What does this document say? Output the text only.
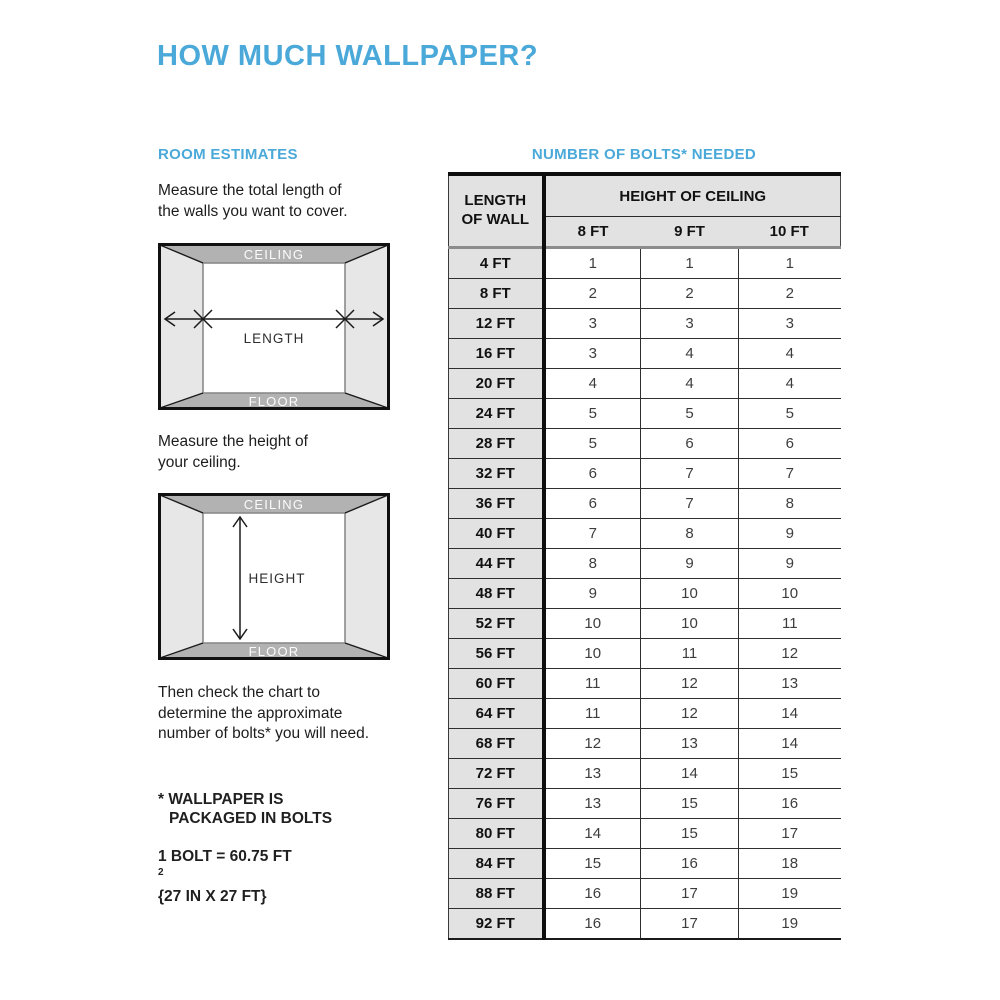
HOW MUCH WALLPAPER?
ROOM ESTIMATES
Measure the total length of
the walls you want to cover.
CEILING
FLOOR
LENGTH
Measure the height of
your ceiling.
CEILING
FLOOR
HEIGHT
Then check the chart to
determine the approximate
number of bolts* you will need.
* WALLPAPER IS
PACKAGED IN BOLTS
1 BOLT = 60.75 FT
$^2$
{27 IN X 27 FT}
NUMBER OF BOLTS* NEEDED
LENGTH
OF WALL	HEIGHT OF CEILING		
	8 FT	9 FT	10 FT
4 FT	1	1	1
8 FT	2	2	2
12 FT	3	3	3
16 FT	3	4	4
20 FT	4	4	4
24 FT	5	5	5
28 FT	5	6	6
32 FT	6	7	7
36 FT	6	7	8
40 FT	7	8	9
44 FT	8	9	9
48 FT	9	10	10
52 FT	10	10	11
56 FT	10	11	12
60 FT	11	12	13
64 FT	11	12	14
68 FT	12	13	14
72 FT	13	14	15
76 FT	13	15	16
80 FT	14	15	17
84 FT	15	16	18
88 FT	16	17	19
92 FT	16	17	19
